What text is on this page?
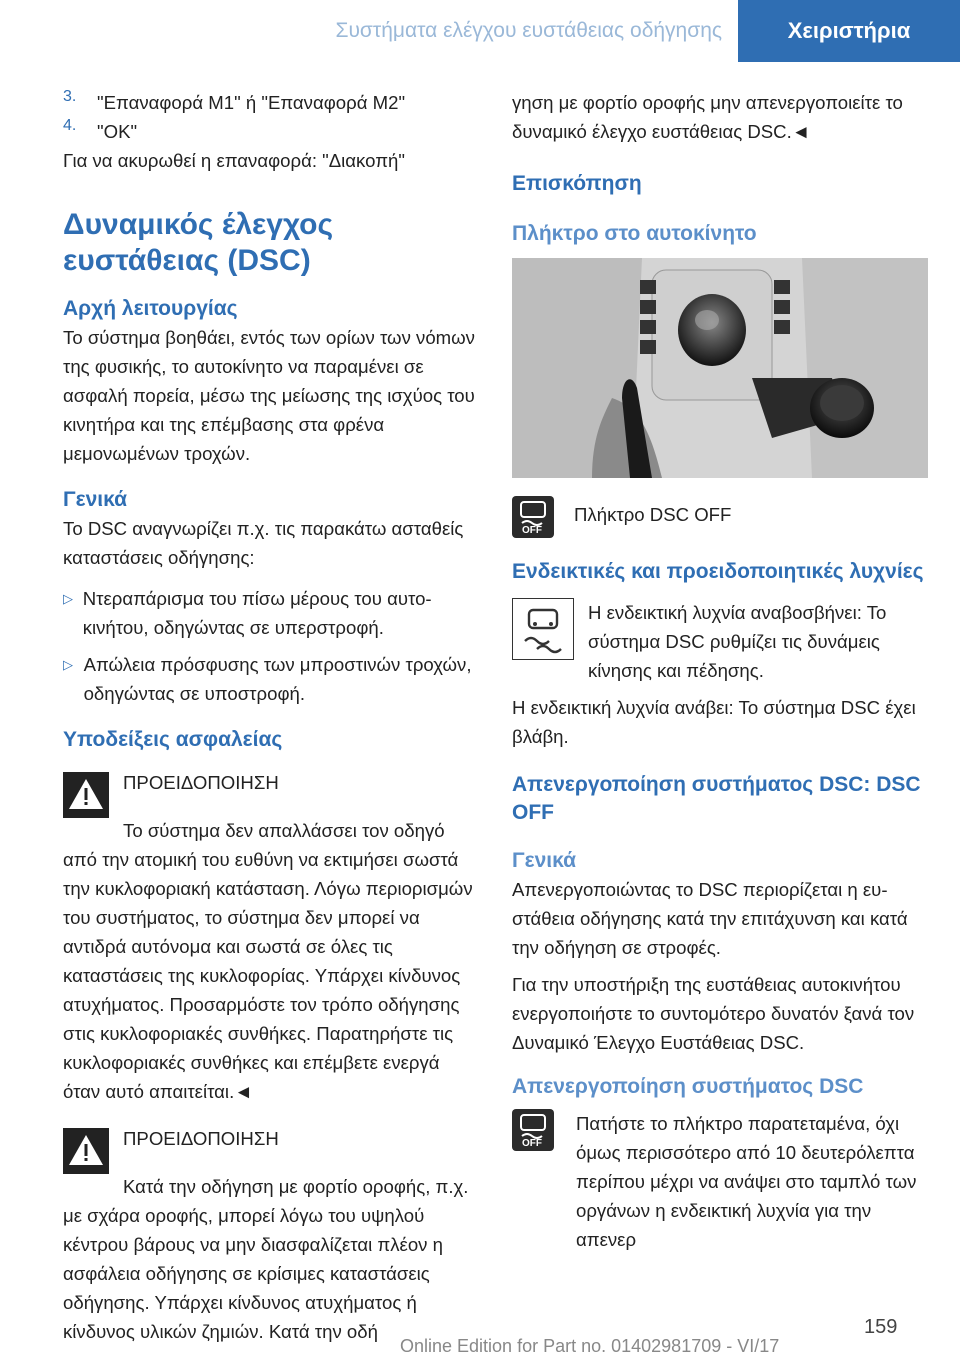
Συστήματα ελέγχου ευστάθειας οδήγησης	Χειριστήρια
3.	"Επαναφορά M1" ή "Επαναφορά M2"

4.	"OK"

Για να ακυρωθεί η επαναφορά: "Διακοπή"

Δυναμικός έλεγχος ευστάθειας (DSC)
Αρχή λειτουργίας

Το σύστημα βοηθάει, εντός των ορίων των νόmων της φυσικής, το αυτοκίνητο να παραμένει σε ασφαλή πορεία, μέσω της μείωσης της ισχύος του κινητήρα και της επέμβασης στα φρένα μεμονωμένων τροχών.

Γενικά

Το DSC αναγνωρίζει π.χ. τις παρακάτω ασταθείς καταστάσεις οδήγησης:

▷ Ντεραπάρισμα του πίσω μέρους του αυτοκινήτου, οδηγώντας σε υπερστροφή.

▷ Απώλεια πρόσφυσης των μπροστινών τροχών, οδηγώντας σε υποστροφή.

Υποδείξεις ασφαλείας

ΠΡΟΕΙΔΟΠΟΙΗΣΗ

Το σύστημα δεν απαλλάσσει τον οδηγό από την ατομική του ευθύνη να εκτιμήσει σωστά την κυκλοφοριακή κατάσταση. Λόγω περιορισμών του συστήματος, το σύστημα δεν μπορεί να αντιδρά αυτόνομα και σωστά σε όλες τις καταστάσεις της κυκλοφορίας. Υπάρχει κίνδυνος ατυχήματος. Προσαρμόστε τον τρόπο οδήγησης στις κυκλοφοριακές συνθήκες. Παρατηρήστε τις κυκλοφοριακές συνθήκες και επέμβετε ενεργά όταν αυτό απαιτείται.◄

ΠΡΟΕΙΔΟΠΟΙΗΣΗ

Κατά την οδήγηση με φορτίο οροφής, π.χ. με σχάρα οροφής, μπορεί λόγω του υψηλού κέντρου βάρους να μην διασφαλίζεται πλέον η ασφάλεια οδήγησης σε κρίσιμες καταστάσεις οδήγησης. Υπάρχει κίνδυνος ατυχήματος ή κίνδυνος υλικών ζημιών. Κατά την οδή

γηση με φορτίο οροφής μην απενεργοποιείτε το δυναμικό έλεγχο ευστάθειας DSC.◄

Επισκόπηση
Πλήκτρο στο αυτοκίνητο
OFF

Πλήκτρο DSC OFF

Ενδεικτικές και προειδοποιητικές λυχνίες

Η ενδεικτική λυχνία αναβοσβήνει: Το σύστημα DSC ρυθμίζει τις δυνάμεις κίνησης και πέδησης.

Η ενδεικτική λυχνία ανάβει: Το σύστημα DSC έχει βλάβη.

Απενεργοποίηση συστήματος DSC: DSC OFF
Γενικά

Απενεργοποιώντας το DSC περιορίζεται η ευστάθεια οδήγησης κατά την επιτάχυνση και κατά την οδήγηση σε στροφές.

Για την υποστήριξη της ευστάθειας αυτοκινήτου ενεργοποιήστε το συντομότερο δυνατόν ξανά τον Δυναμικό Έλεγχο Ευστάθειας DSC.

Απενεργοποίηση συστήματος DSC
OFF

Πατήστε το πλήκτρο παρατεταμένα, όχι όμως περισσότερο από 10 δευτερόλεπτα περίπου μέχρι να ανάψει στο ταμπλό των οργάνων η ενδεικτική λυχνία για την απενερ

159
Online Edition for Part no. 01402981709 - VI/17
